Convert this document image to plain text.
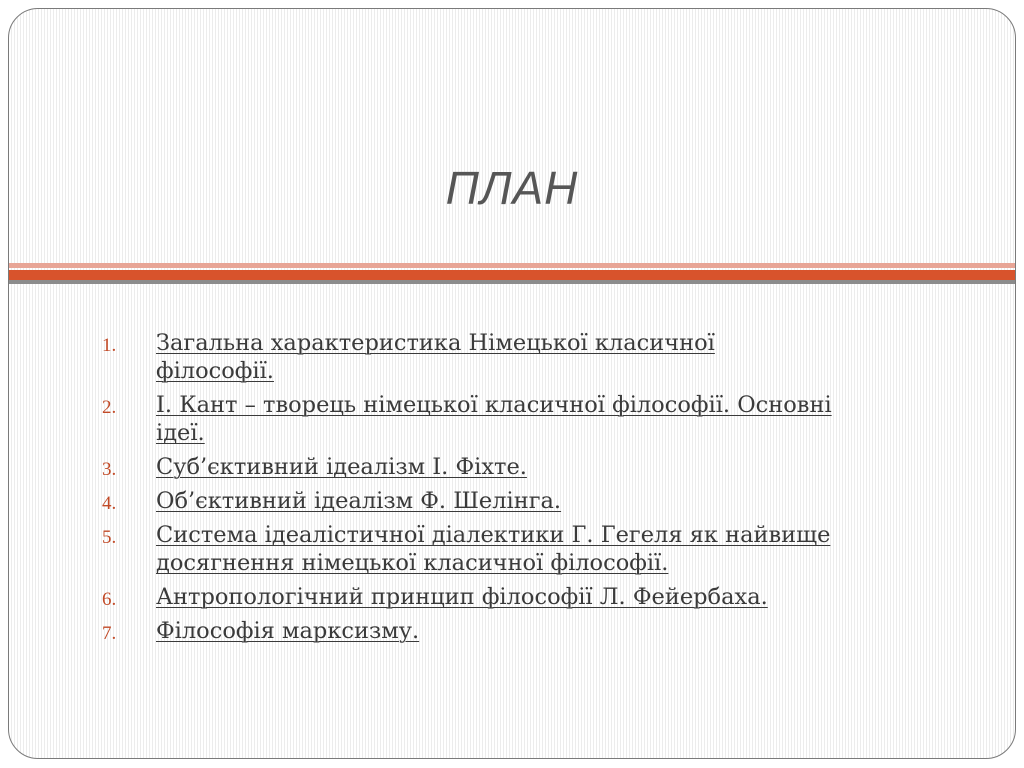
ПЛАН
1.	Загальна характеристика Німецької класичної філософії.
2.	І. Кант – творець німецької класичної філософії. Основні ідеї.
3.	Суб’єктивний ідеалізм І. Фіхте.
4.	Об’єктивний ідеалізм Ф. Шелінга.
5.	Система ідеалістичної діалектики Г. Гегеля як найвище досягнення німецької класичної філософії.
6.	Антропологічний принцип філософії Л. Фейербаха.
7.	Філософія марксизму.
